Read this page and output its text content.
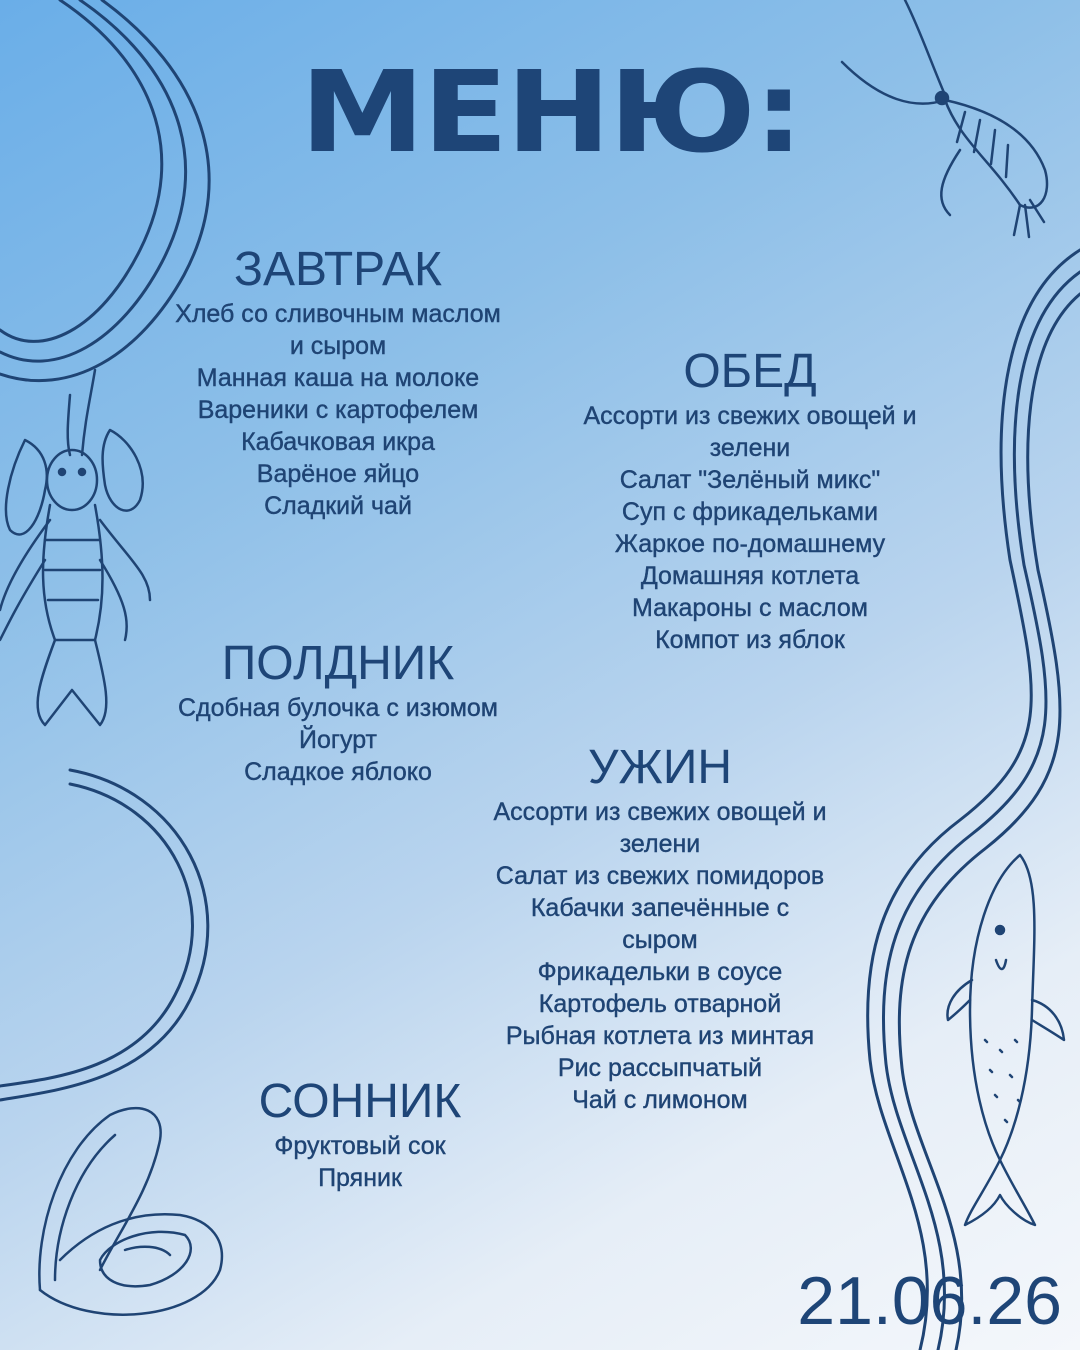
МЕНЮ:
ЗАВТРАК
Хлеб со сливочным маслом
и сыром
Манная каша на молоке
Вареники с картофелем
Кабачковая икра
Варёное яйцо
Сладкий чай
ОБЕД
Ассорти из свежих овощей и
зелени
Салат "Зелёный микс"
Суп с фрикадельками
Жаркое по-домашнему
Домашняя котлета
Макароны с маслом
Компот из яблок
ПОЛДНИК
Сдобная булочка с изюмом
Йогурт
Сладкое яблоко	УЖИН
Ассорти из свежих овощей и
зелени
Салат из свежих помидоров
Кабачки запечённые с
сыром
Фрикадельки в соусе
Картофель отварной
Рыбная котлета из минтая
Рис рассыпчатый
Чай с лимоном
СОННИК
Фруктовый сок
Пряник
21.06.26
